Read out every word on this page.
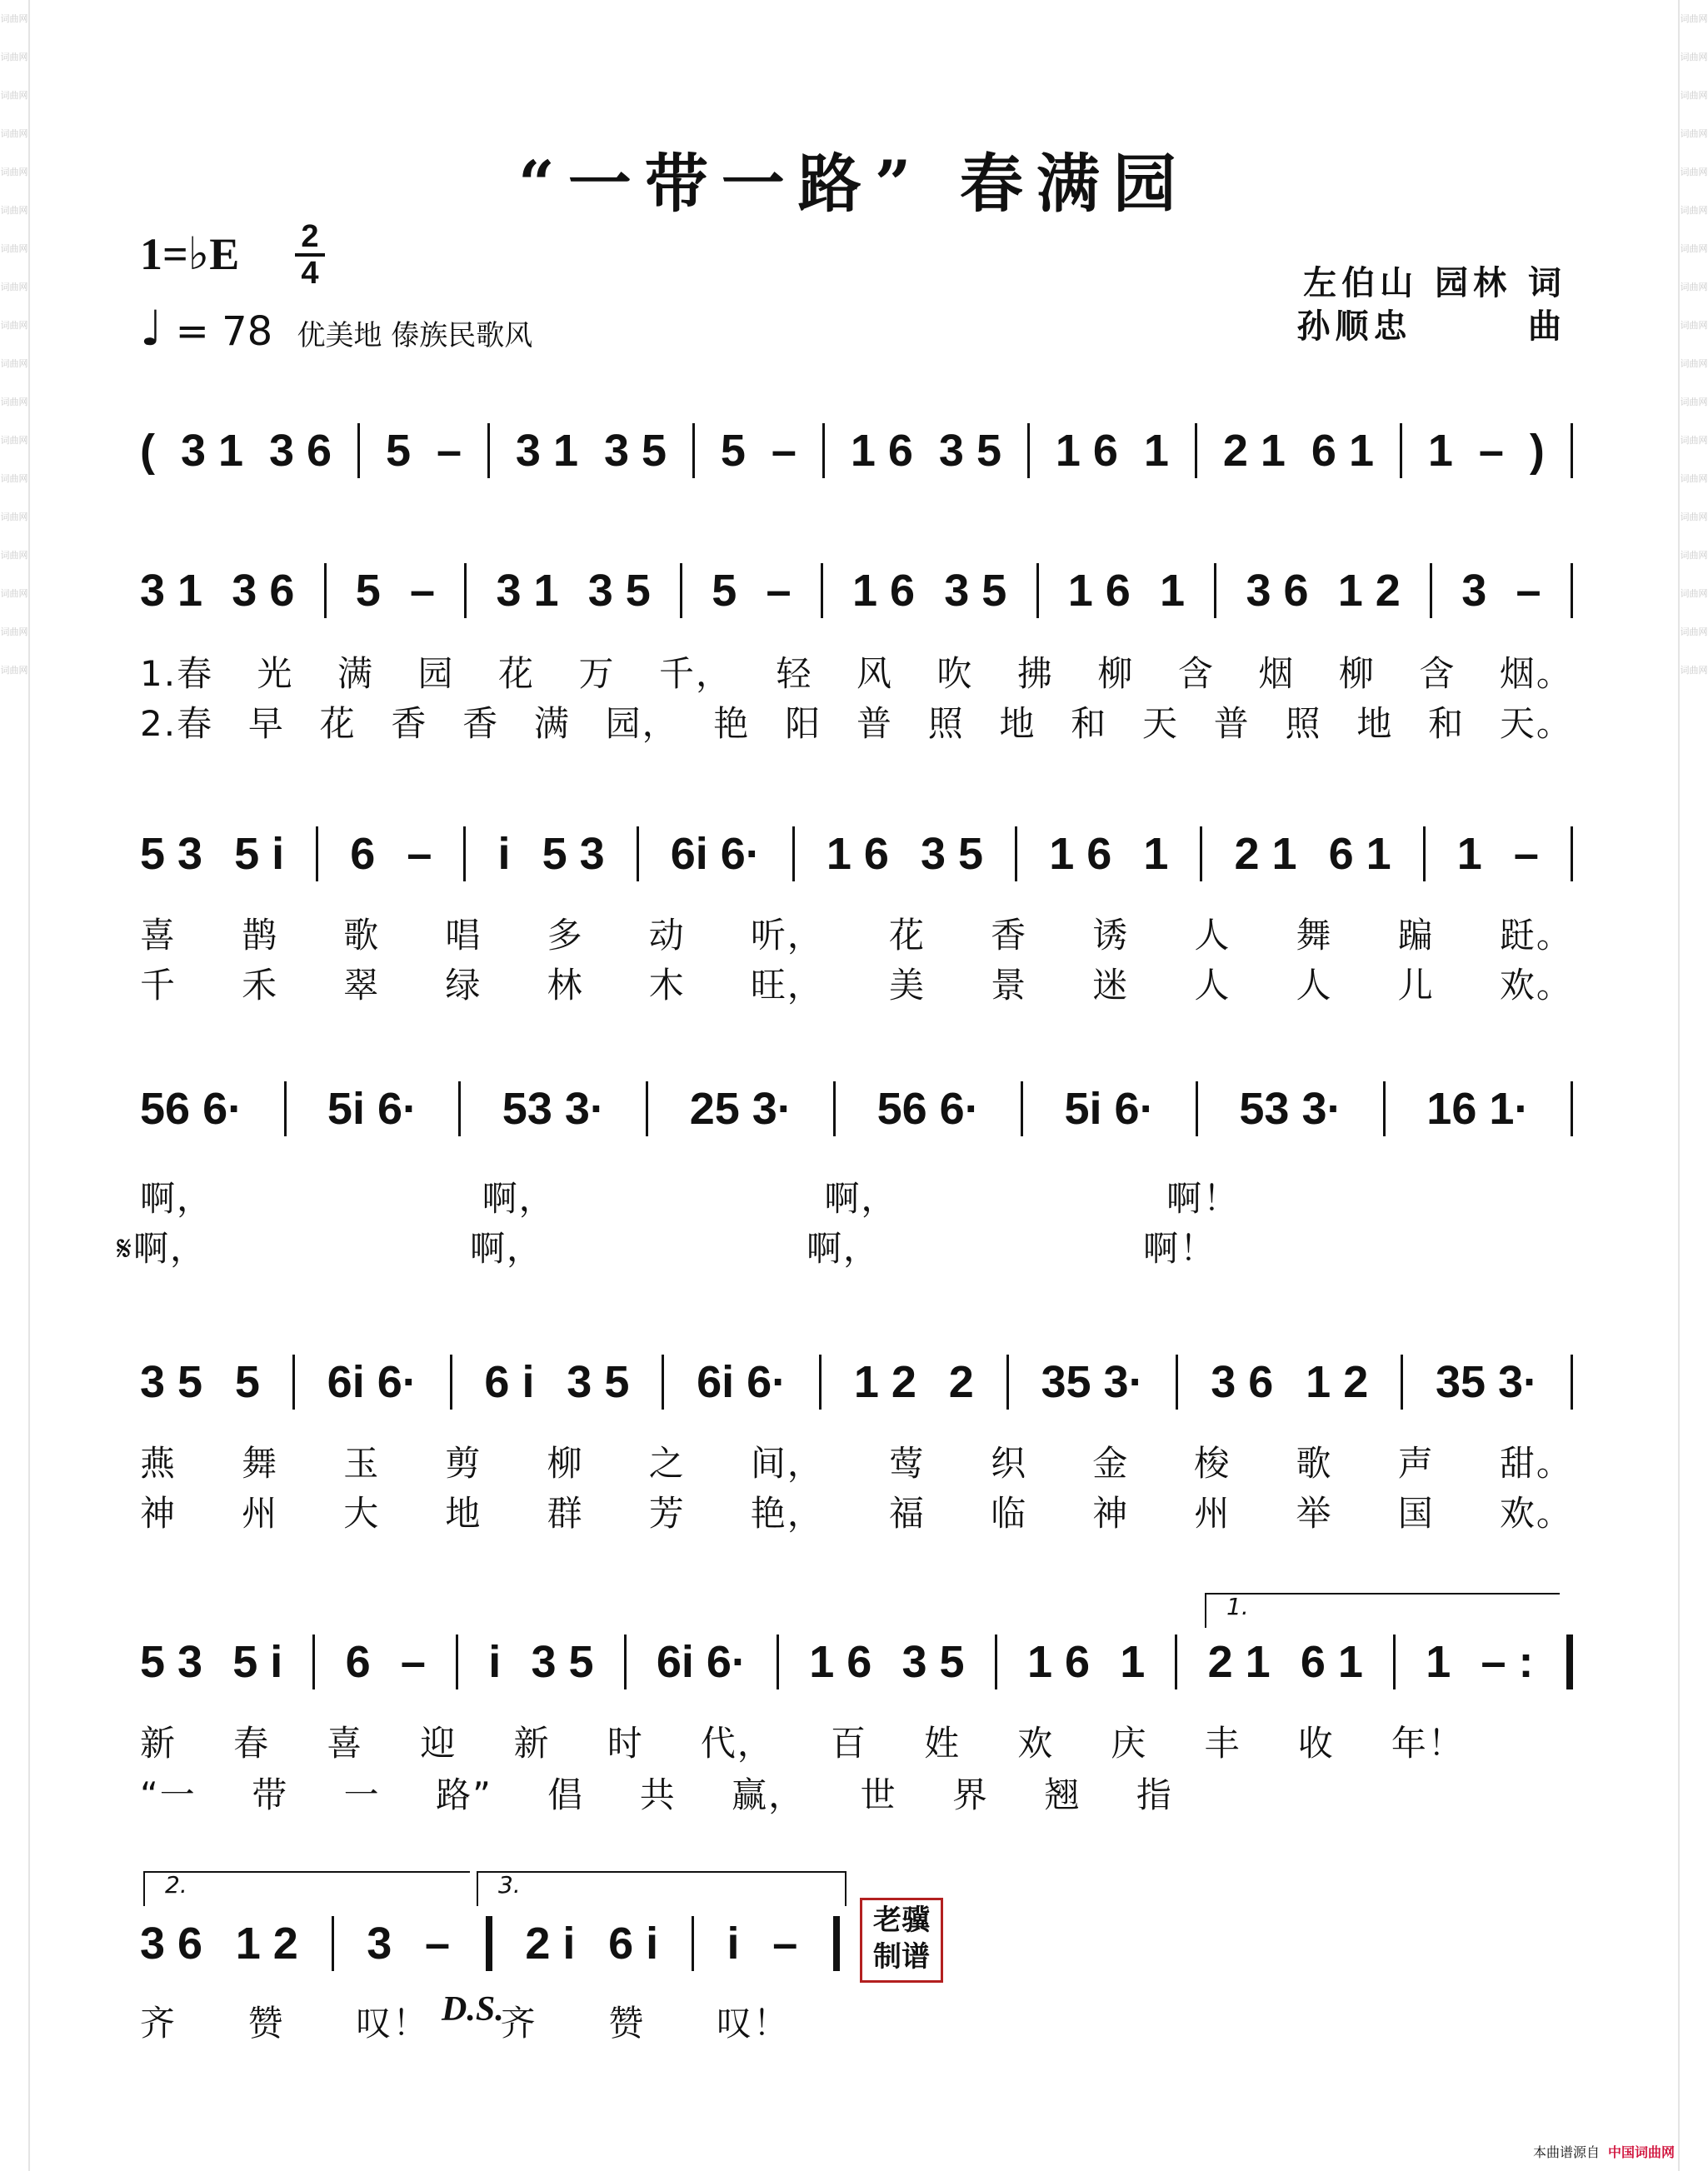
词曲网
词曲网
词曲网
词曲网
词曲网
词曲网
词曲网
词曲网
词曲网
词曲网
词曲网
词曲网
词曲网
词曲网
词曲网
词曲网
词曲网
词曲网
词曲网
词曲网
词曲网
词曲网
词曲网
词曲网
词曲网
词曲网
词曲网
词曲网
词曲网
词曲网
词曲网
词曲网
词曲网
词曲网
词曲网
词曲网
“一带一路” 春满园
1=♭E 2
4
♩ = 78 优美地 傣族民歌风
左伯山 园林 词
孙顺忠       曲
( 3 1 3 6 5 – 3 1 3 5 5 – 1 6 3 5 1 6 1 2 1 6 1 1 – )
3 1 3 6 5 – 3 1 3 5 5 – 1 6 3 5 1 6 1 3 6 1 2 3 –
1.春 光 满 园 花 万 千， 轻 风 吹 拂 柳 含 烟 柳 含 烟。
2.春 早 花 香 香 满 园， 艳 阳 普 照 地 和 天 普 照 地 和 天。
5 3 5 i 6 – i 5 3 6i 6· 1 6 3 5 1 6 1 2 1 6 1 1 –
喜 鹊 歌 唱 多 动 听， 花 香 诱 人 舞 蹁 跹。
千 禾 翠 绿 林 木 旺， 美 景 迷 人 人 儿 欢。
56 6· 5i 6· 53 3· 25 3· 56 6· 5i 6· 53 3· 16 1·
啊，	啊，	啊，	啊！
𝄋啊，	啊，	啊，	啊！
3 5 5 6i 6· 6 i 3 5 6i 6· 1 2 2 35 3· 3 6 1 2 35 3·
燕 舞 玉 剪 柳 之 间， 莺 织 金 梭 歌 声 甜。
神 州 大 地 群 芳 艳， 福 临 神 州 举 国 欢。
1.
5 3 5 i 6 – i 3 5 6i 6· 1 6 3 5 1 6 1 2 1 6 1 1 – :
新 春 喜 迎 新 时 代， 百 姓 欢 庆 丰 收 年！
“一 带 一 路” 倡 共 赢， 世 界 翘 指
2.	3.
3 6 1 2 3 – 2 i 6 i i –	老骥制谱
齐 赞 叹！ 齐 赞 叹！
D.S.
本曲谱源自 中国词曲网
